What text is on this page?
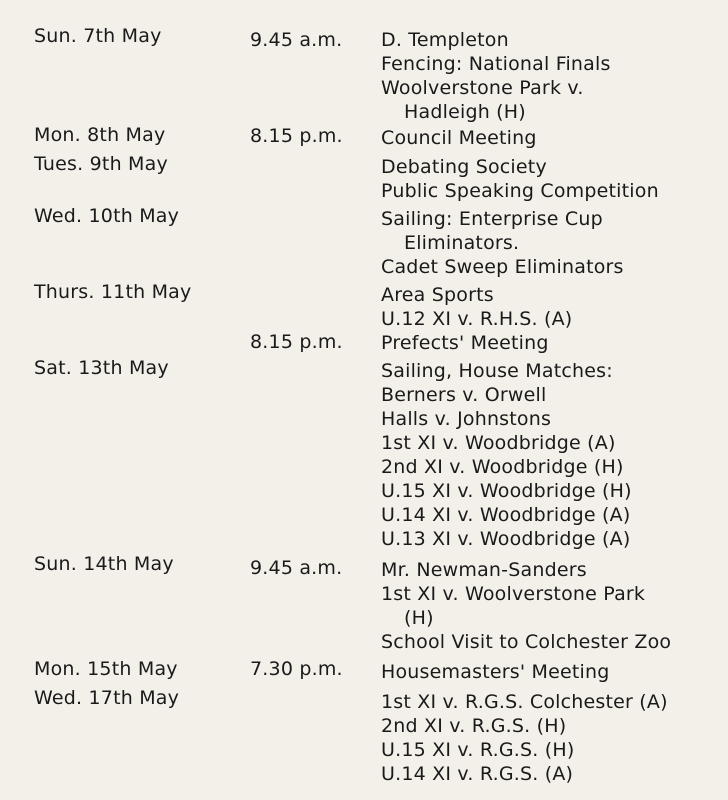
Sun. 7th May
Mon. 8th May
Tues. 9th May
Wed. 10th May
Thurs. 11th May
Sat. 13th May
Sun. 14th May
Mon. 15th May
Wed. 17th May
9.45 a.m.
8.15 p.m.
8.15 p.m.
9.45 a.m.
7.30 p.m.
D. Templeton
Fencing: National Finals
Woolverstone Park v.
Hadleigh (H)
Council Meeting
Debating Society
Public Speaking Competition
Sailing: Enterprise Cup
Eliminators.
Cadet Sweep Eliminators
Area Sports
U.12 XI v. R.H.S. (A)
Prefects' Meeting
Sailing, House Matches:
Berners v. Orwell
Halls v. Johnstons
1st XI v. Woodbridge (A)
2nd XI v. Woodbridge (H)
U.15 XI v. Woodbridge (H)
U.14 XI v. Woodbridge (A)
U.13 XI v. Woodbridge (A)
Mr. Newman-Sanders
1st XI v. Woolverstone Park
(H)
School Visit to Colchester Zoo
Housemasters' Meeting
1st XI v. R.G.S. Colchester (A)
2nd XI v. R.G.S. (H)
U.15 XI v. R.G.S. (H)
U.14 XI v. R.G.S. (A)
